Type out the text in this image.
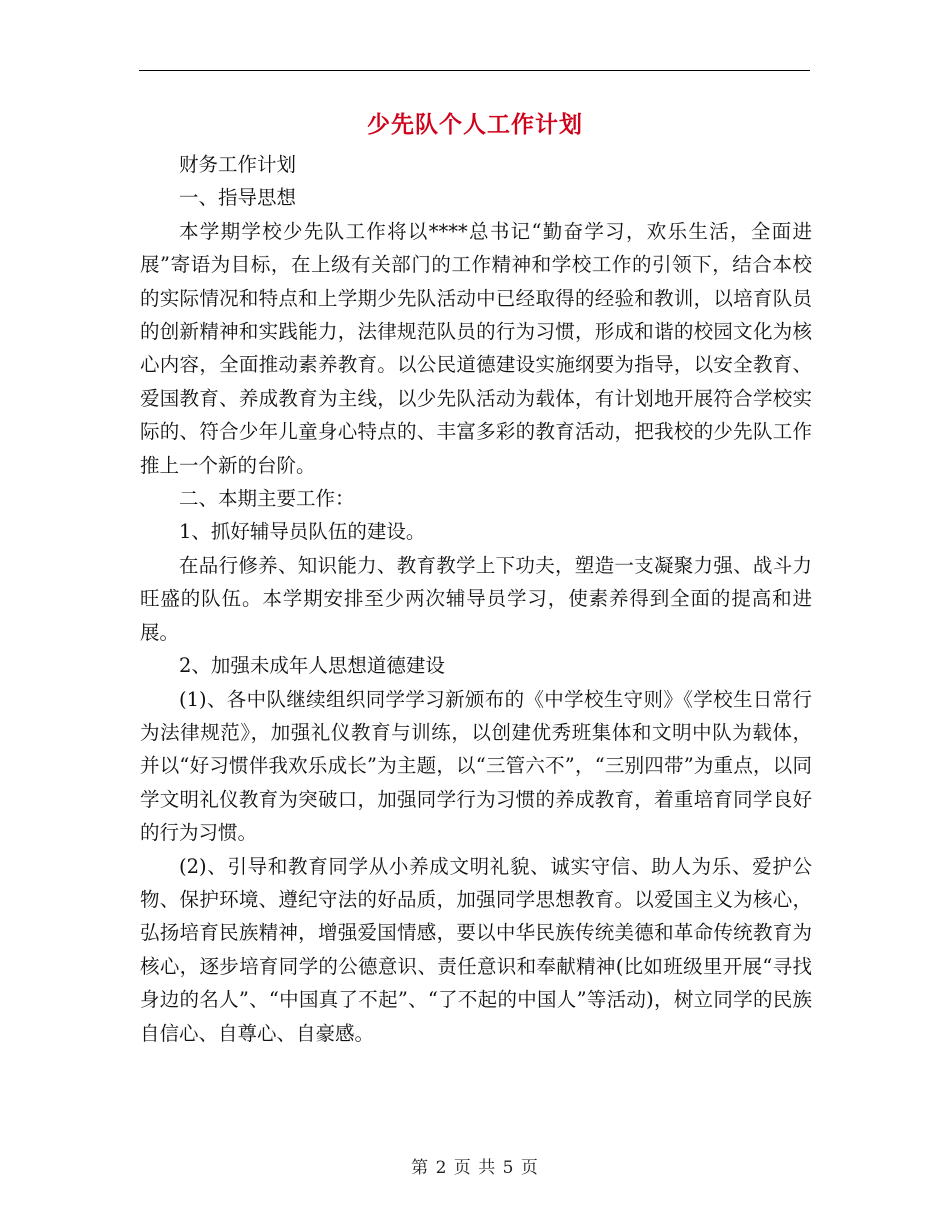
少先队个人工作计划

财务工作计划

一、指导思想

本学期学校少先队工作将以****总书记“勤奋学习，欢乐生活，全面进展”寄语为目标，在上级有关部门的工作精神和学校工作的引领下，结合本校的实际情况和特点和上学期少先队活动中已经取得的经验和教训，以培育队员的创新精神和实践能力，法律规范队员的行为习惯，形成和谐的校园文化为核心内容，全面推动素养教育。以公民道德建设实施纲要为指导，以安全教育、爱国教育、养成教育为主线，以少先队活动为载体，有计划地开展符合学校实际的、符合少年儿童身心特点的、丰富多彩的教育活动，把我校的少先队工作推上一个新的台阶。

二、本期主要工作：

1、抓好辅导员队伍的建设。

在品行修养、知识能力、教育教学上下功夫，塑造一支凝聚力强、战斗力旺盛的队伍。本学期安排至少两次辅导员学习，使素养得到全面的提高和进展。

2、加强未成年人思想道德建设

(1)、各中队继续组织同学学习新颁布的《中学校生守则》《学校生日常行为法律规范》，加强礼仪教育与训练，以创建优秀班集体和文明中队为载体，并以“好习惯伴我欢乐成长”为主题，以“三管六不”，“三别四带”为重点，以同学文明礼仪教育为突破口，加强同学行为习惯的养成教育，着重培育同学良好的行为习惯。

(2)、引导和教育同学从小养成文明礼貌、诚实守信、助人为乐、爱护公物、保护环境、遵纪守法的好品质，加强同学思想教育。以爱国主义为核心，弘扬培育民族精神，增强爱国情感，要以中华民族传统美德和革命传统教育为核心，逐步培育同学的公德意识、责任意识和奉献精神(比如班级里开展“寻找身边的名人”、“中国真了不起”、“了不起的中国人”等活动)，树立同学的民族自信心、自尊心、自豪感。

第 2 页 共 5 页
